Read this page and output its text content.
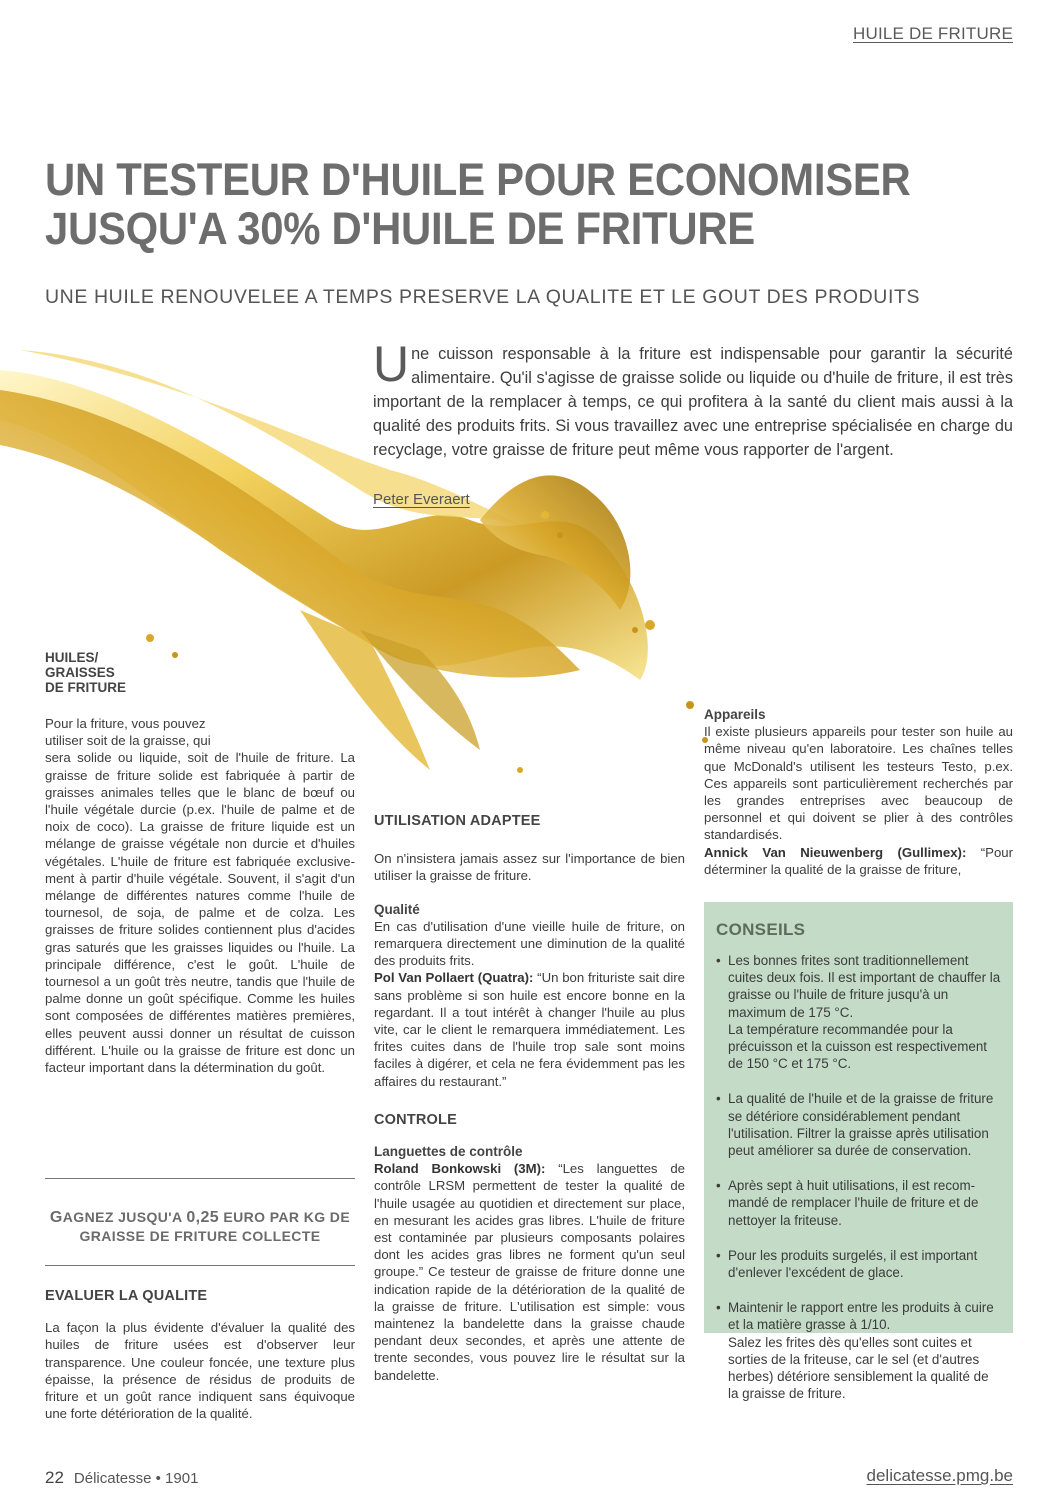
HUILE DE FRITURE
UN TESTEUR D'HUILE POUR ECONOMISER
JUSQU'A 30% D'HUILE DE FRITURE
UNE HUILE RENOUVELEE A TEMPS PRESERVE LA QUALITE ET LE GOUT DES PRODUITS
Une cuisson responsable à la friture est indispensable pour garantir la sécurité alimentaire. Qu'il s'agisse de graisse solide ou liquide ou d'huile de friture, il est très important de la remplacer à temps, ce qui profitera à la santé du client mais aussi à la qualité des produits frits. Si vous travaillez avec une entreprise spécialisée en charge du recyclage, votre graisse de friture peut même vous rapporter de l'argent.
Peter Everaert
HUILES/
GRAISSES
DE FRITURE

Pour la friture, vous pouvez
utiliser soit de la graisse, qui

sera solide ou liquide, soit de l'huile de friture. La graisse de friture solide est fabriquée à partir de graisses animales telles que le blanc de bœuf ou l'huile végétale durcie (p.ex. l'huile de palme et de noix de coco). La graisse de friture liquide est un mélange de graisse végétale non durcie et d'huiles végétales. L'huile de friture est fabriquée exclusivement à partir d'huile végétale. Souvent, il s'agit d'un mélange de différentes natures comme l'huile de tournesol, de soja, de palme et de colza. Les graisses de friture solides contiennent plus d'acides gras saturés que les graisses liquides ou l'huile. La principale différence, c'est le goût. L'huile de tournesol a un goût très neutre, tandis que l'huile de palme donne un goût spécifique. Comme les huiles sont composées de différentes matières premières, elles peuvent aussi donner un résultat de cuisson différent. L'huile ou la graisse de friture est donc un facteur important dans la détermination du goût.

GAGNEZ JUSQU'A 0,25 EURO PAR KG DE
GRAISSE DE FRITURE COLLECTE
EVALUER LA QUALITE

La façon la plus évidente d'évaluer la qualité des huiles de friture usées est d'observer leur transparence. Une couleur foncée, une texture plus épaisse, la présence de résidus de produits de friture et un goût rance indiquent sans équivoque une forte détérioration de la qualité.

UTILISATION ADAPTEE

On n'insistera jamais assez sur l'importance de bien utiliser la graisse de friture.

Qualité

En cas d'utilisation d'une vieille huile de friture, on remarquera directement une diminution de la qualité des produits frits.

Pol Van Pollaert (Quatra): “Un bon frituriste sait dire sans problème si son huile est encore bonne en la regardant. Il a tout intérêt à changer l'huile au plus vite, car le client le remarquera immédiatement. Les frites cuites dans de l'huile trop sale sont moins faciles à digérer, et cela ne fera évidemment pas les affaires du restaurant.”

CONTROLE
Languettes de contrôle

Roland Bonkowski (3M): “Les languettes de contrôle LRSM permettent de tester la qualité de l'huile usagée au quotidien et directement sur place, en mesurant les acides gras libres. L'huile de friture est contaminée par plusieurs composants polaires dont les acides gras libres ne forment qu'un seul groupe.” Ce testeur de graisse de friture donne une indication rapide de la détérioration de la qualité de la graisse de friture. L'utilisation est simple: vous maintenez la bandelette dans la graisse chaude pendant deux secondes, et après une attente de trente secondes, vous pouvez lire le résultat sur la bandelette.

Appareils

Il existe plusieurs appareils pour tester son huile au même niveau qu'en laboratoire. Les chaînes telles que McDonald's utilisent les testeurs Testo, p.ex. Ces appareils sont particulièrement recherchés par les grandes entreprises avec beaucoup de personnel et qui doivent se plier à des contrôles standardisés.

Annick Van Nieuwenberg (Gullimex): “Pour déterminer la qualité de la graisse de friture,

CONSEILS
• Les bonnes frites sont traditionnellement cuites deux fois. Il est important de chauffer la graisse ou l'huile de friture jusqu'à un maximum de 175 °C.
La température recommandée pour la précuisson et la cuisson est respectivement de 150 °C et 175 °C.
• La qualité de l'huile et de la graisse de friture se détériore considérablement pendant l'utilisation. Filtrer la graisse après utilisation peut améliorer sa durée de conservation.
• Après sept à huit utilisations, il est recommandé de remplacer l'huile de friture et de nettoyer la friteuse.
• Pour les produits surgelés, il est important d'enlever l'excédent de glace.
• Maintenir le rapport entre les produits à cuire et la matière grasse à 1/10.
Salez les frites dès qu'elles sont cuites et sorties de la friteuse, car le sel (et d'autres herbes) détériore sensiblement la qualité de la graisse de friture.
22 Délicatesse • 1901	delicatesse.pmg.be
